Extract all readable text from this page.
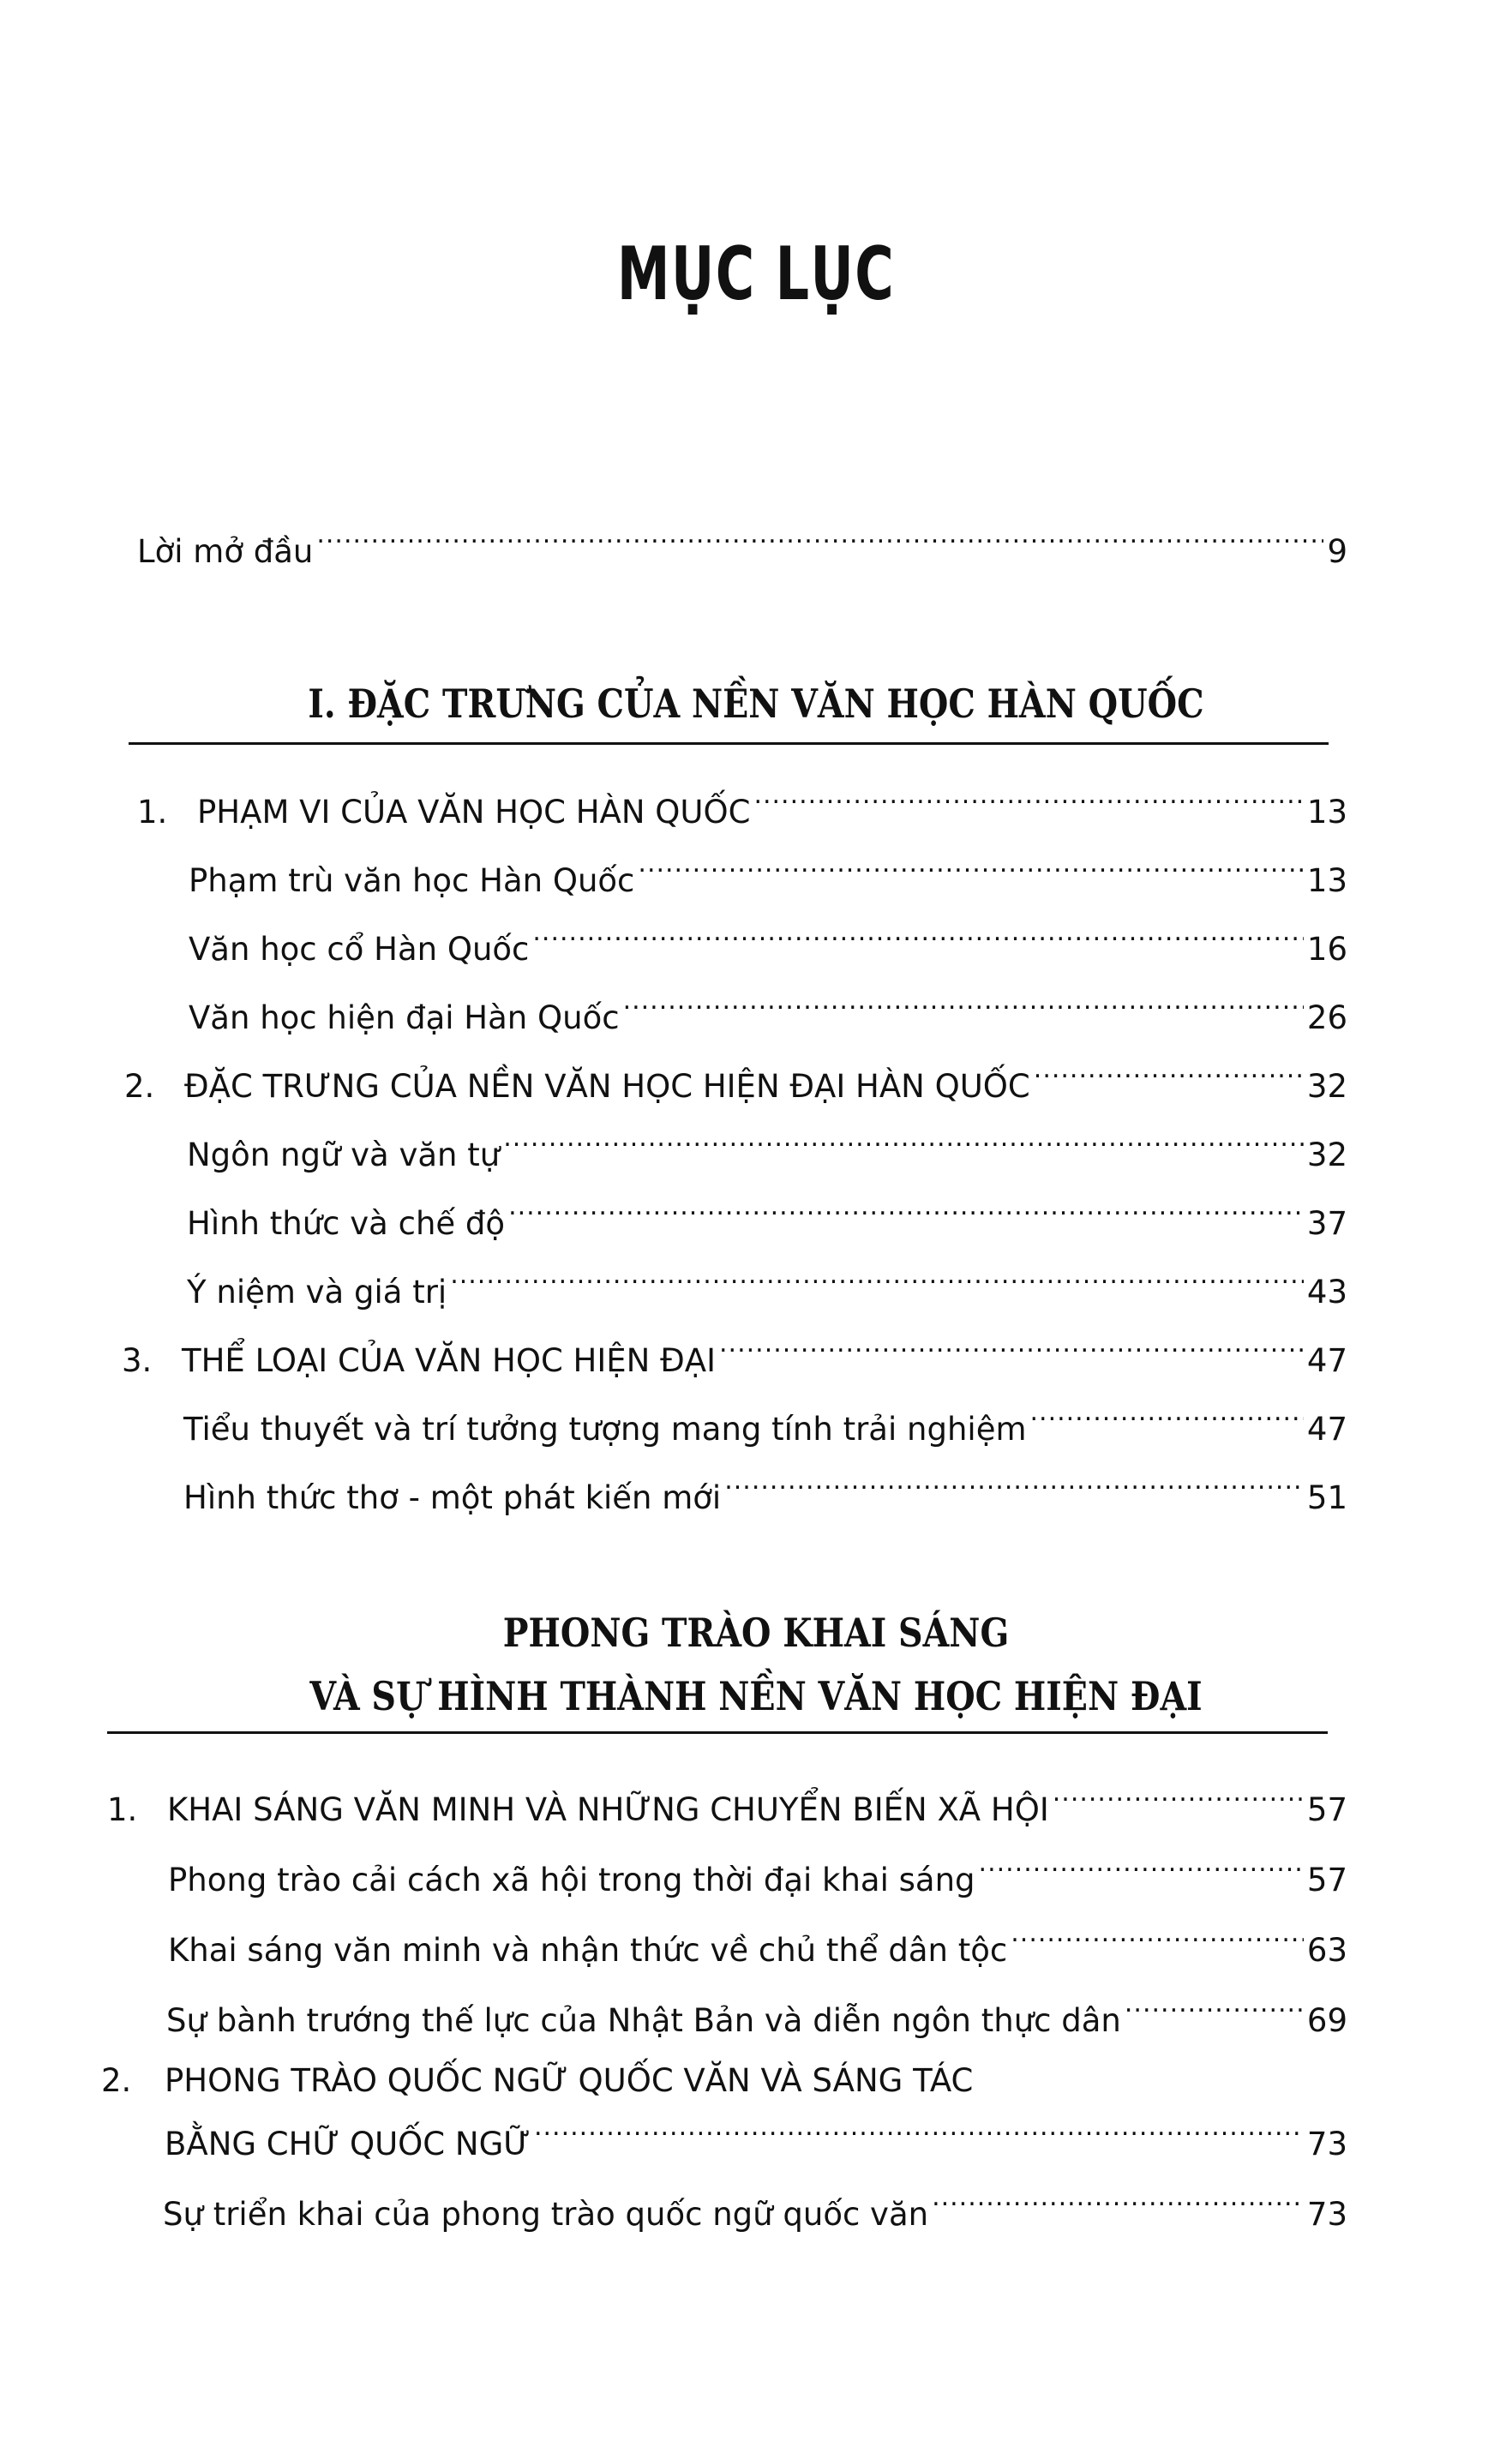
MỤC LỤC
Lời mở đầu .....	9
I. ĐẶC TRƯNG CỦA NỀN VĂN HỌC HÀN QUỐC
1. PHẠM VI CỦA VĂN HỌC HÀN QUỐC .....	13
Phạm trù văn học Hàn Quốc .....	13
Văn học cổ Hàn Quốc .....	16
Văn học hiện đại Hàn Quốc .....	26
2. ĐẶC TRƯNG CỦA NỀN VĂN HỌC HIỆN ĐẠI HÀN QUỐC .....	32
Ngôn ngữ và văn tự .....	32
Hình thức và chế độ .....	37
Ý niệm và giá trị .....	43
3. THỂ LOẠI CỦA VĂN HỌC HIỆN ĐẠI .....	47
Tiểu thuyết và trí tưởng tượng mang tính trải nghiệm .....	47
Hình thức thơ - một phát kiến mới .....	51
PHONG TRÀO KHAI SÁNG
VÀ SỰ HÌNH THÀNH NỀN VĂN HỌC HIỆN ĐẠI
1. KHAI SÁNG VĂN MINH VÀ NHỮNG CHUYỂN BIẾN XÃ HỘI .....	57
Phong trào cải cách xã hội trong thời đại khai sáng .....	57
Khai sáng văn minh và nhận thức về chủ thể dân tộc .....	63
Sự bành trướng thế lực của Nhật Bản và diễn ngôn thực dân .....	69
2. PHONG TRÀO QUỐC NGỮ QUỐC VĂN VÀ SÁNG TÁC
BẰNG CHỮ QUỐC NGỮ .....	73
Sự triển khai của phong trào quốc ngữ quốc văn .....	73
